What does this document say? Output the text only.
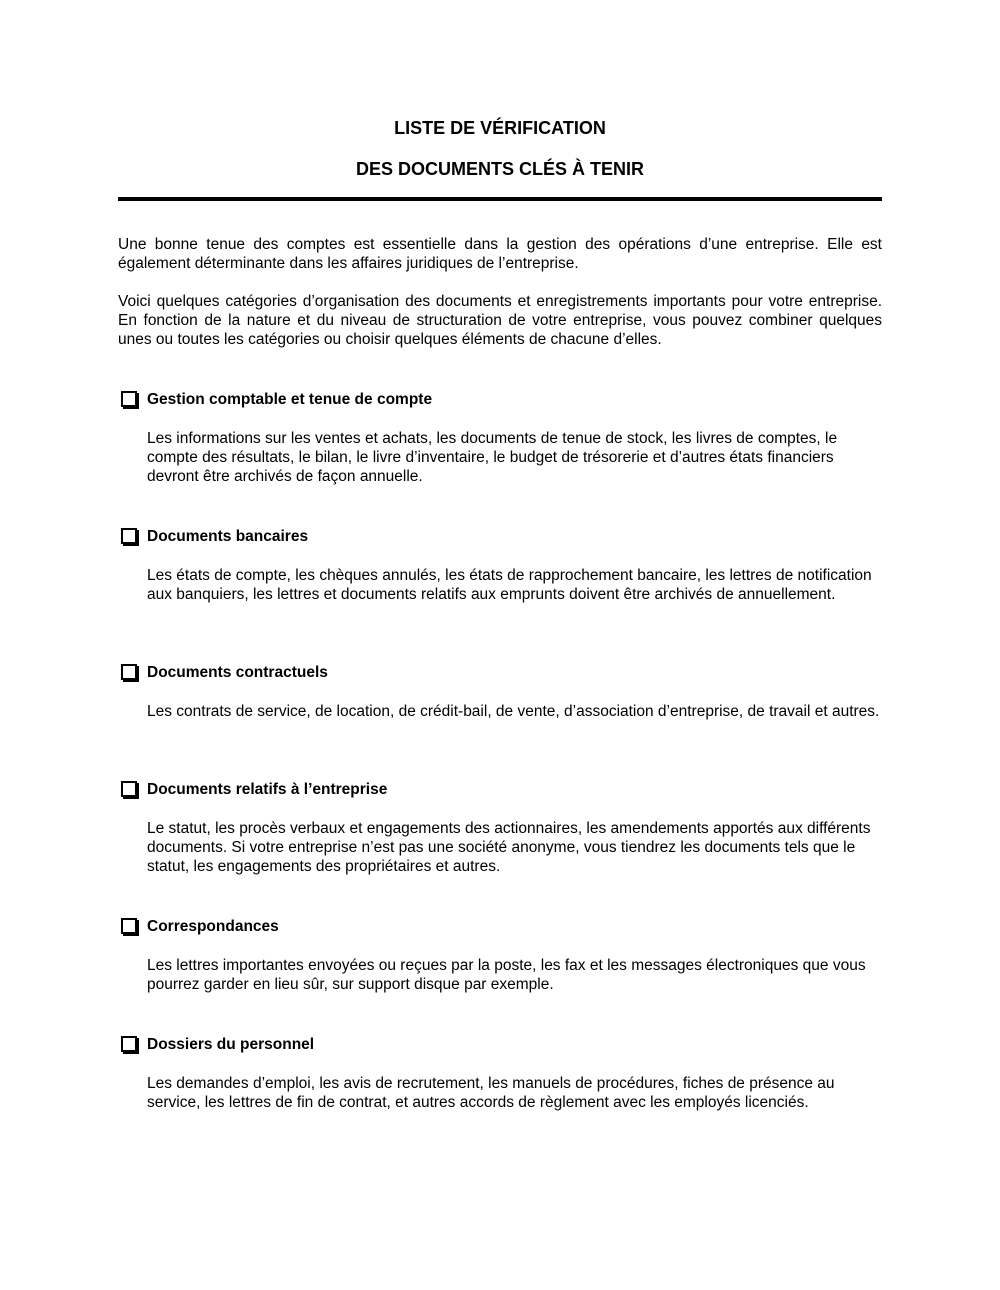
LISTE DE VÉRIFICATION
DES DOCUMENTS CLÉS À TENIR

Une bonne tenue des comptes est essentielle dans la gestion des opérations d’une entreprise. Elle est également déterminante dans les affaires juridiques de l’entreprise.

Voici quelques catégories d’organisation des documents et enregistrements importants pour votre entreprise. En fonction de la nature et du niveau de structuration de votre entreprise, vous pouvez combiner quelques unes ou toutes les catégories ou choisir quelques éléments de chacune d’elles.

Gestion comptable et tenue de compte
Les informations sur les ventes et achats, les documents de tenue de stock, les livres de comptes, le compte des résultats, le bilan, le livre d’inventaire, le budget de trésorerie et d’autres états financiers devront être archivés de façon annuelle.
Documents bancaires
Les états de compte, les chèques annulés, les états de rapprochement bancaire, les lettres de notification aux banquiers, les lettres et documents relatifs aux emprunts doivent être archivés de annuellement.
Documents contractuels
Les contrats de service, de location, de crédit-bail, de vente, d’association d’entreprise, de travail et autres.
Documents relatifs à l’entreprise
Le statut, les procès verbaux et engagements des actionnaires, les amendements apportés aux différents documents. Si votre entreprise n’est pas une société anonyme, vous tiendrez les documents tels que le statut, les engagements des propriétaires et autres.
Correspondances
Les lettres importantes envoyées ou reçues par la poste, les fax et les messages électroniques que vous pourrez garder en lieu sûr, sur support disque par exemple.
Dossiers du personnel
Les demandes d’emploi, les avis de recrutement, les manuels de procédures, fiches de présence au service, les lettres de fin de contrat, et autres accords de règlement avec les employés licenciés.
